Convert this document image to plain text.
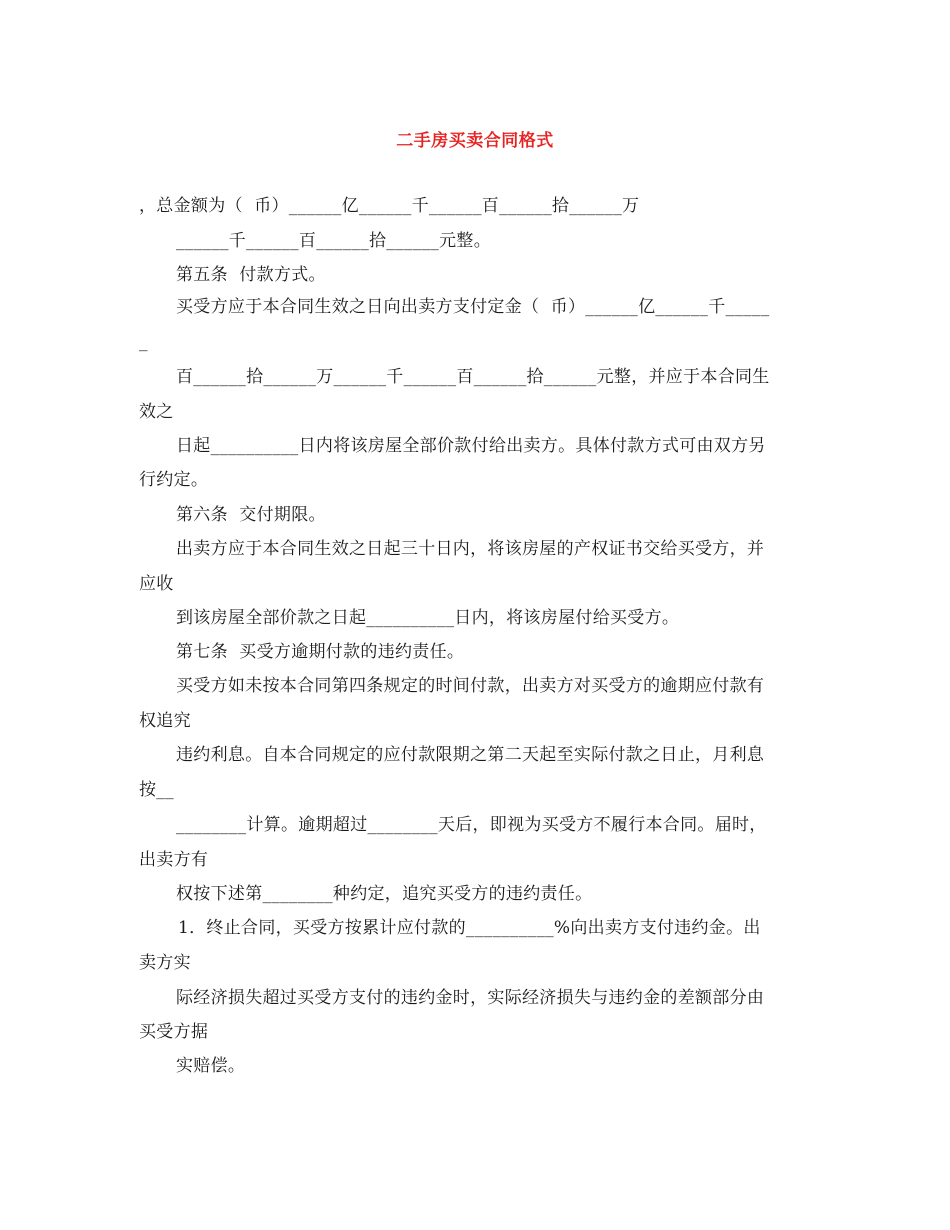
二手房买卖合同格式
，总金额为（  币）______亿______千______百______拾______万
______千______百______拾______元整。
第五条  付款方式。
买受方应于本合同生效之日向出卖方支付定金（  币）______亿______千_____
_
百______拾______万______千______百______拾______元整，并应于本合同生
效之
日起__________日内将该房屋全部价款付给出卖方。具体付款方式可由双方另
行约定。
第六条  交付期限。
出卖方应于本合同生效之日起三十日内，将该房屋的产权证书交给买受方，并
应收
到该房屋全部价款之日起__________日内，将该房屋付给买受方。
第七条  买受方逾期付款的违约责任。
买受方如未按本合同第四条规定的时间付款，出卖方对买受方的逾期应付款有
权追究
违约利息。自本合同规定的应付款限期之第二天起至实际付款之日止，月利息
按__
________计算。逾期超过________天后，即视为买受方不履行本合同。届时，
出卖方有
权按下述第________种约定，追究买受方的违约责任。
1．终止合同，买受方按累计应付款的__________%向出卖方支付违约金。出
卖方实
际经济损失超过买受方支付的违约金时，实际经济损失与违约金的差额部分由
买受方据
实赔偿。
